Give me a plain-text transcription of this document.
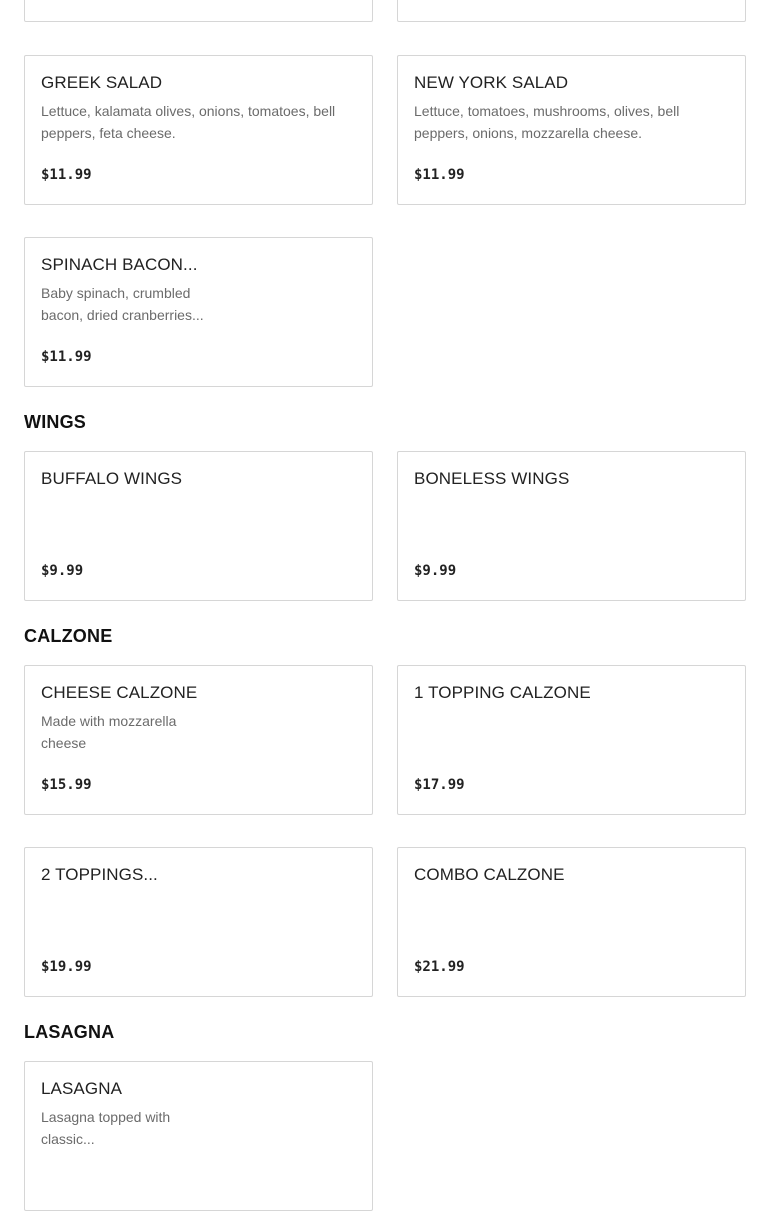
GREEK SALAD
Lettuce, kalamata olives, onions, tomatoes, bell peppers, feta cheese.
$11.99
NEW YORK SALAD
Lettuce, tomatoes, mushrooms, olives, bell peppers, onions, mozzarella cheese.
$11.99
SPINACH BACON...
Baby spinach, crumbled bacon, dried cranberries...
$11.99
WINGS
BUFFALO WINGS
$9.99
BONELESS WINGS
$9.99
CALZONE
CHEESE CALZONE
Made with mozzarella cheese
$15.99
1 TOPPING CALZONE
$17.99
2 TOPPINGS...
$19.99
COMBO CALZONE
$21.99
LASAGNA
LASAGNA
Lasagna topped with classic...
